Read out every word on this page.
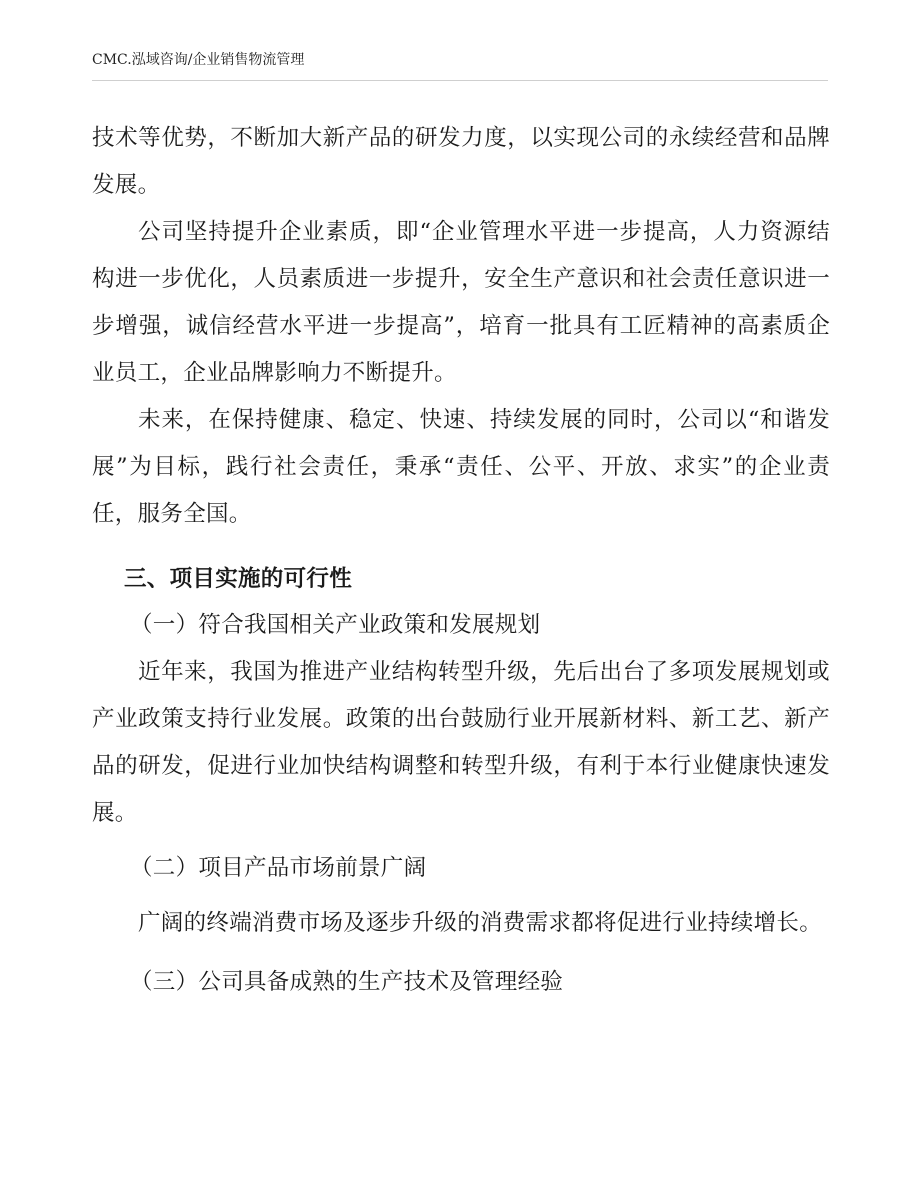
CMC.泓域咨询/企业销售物流管理

技术等优势，不断加大新产品的研发力度，以实现公司的永续经营和品牌发展。

公司坚持提升企业素质，即“企业管理水平进一步提高，人力资源结构进一步优化，人员素质进一步提升，安全生产意识和社会责任意识进一步增强，诚信经营水平进一步提高”，培育一批具有工匠精神的高素质企业员工，企业品牌影响力不断提升。

未来，在保持健康、稳定、快速、持续发展的同时，公司以“和谐发展”为目标，践行社会责任，秉承“责任、公平、开放、求实”的企业责任，服务全国。

三、项目实施的可行性

（一）符合我国相关产业政策和发展规划

近年来，我国为推进产业结构转型升级，先后出台了多项发展规划或产业政策支持行业发展。政策的出台鼓励行业开展新材料、新工艺、新产品的研发，促进行业加快结构调整和转型升级，有利于本行业健康快速发展。

（二）项目产品市场前景广阔

广阔的终端消费市场及逐步升级的消费需求都将促进行业持续增长。

（三）公司具备成熟的生产技术及管理经验
